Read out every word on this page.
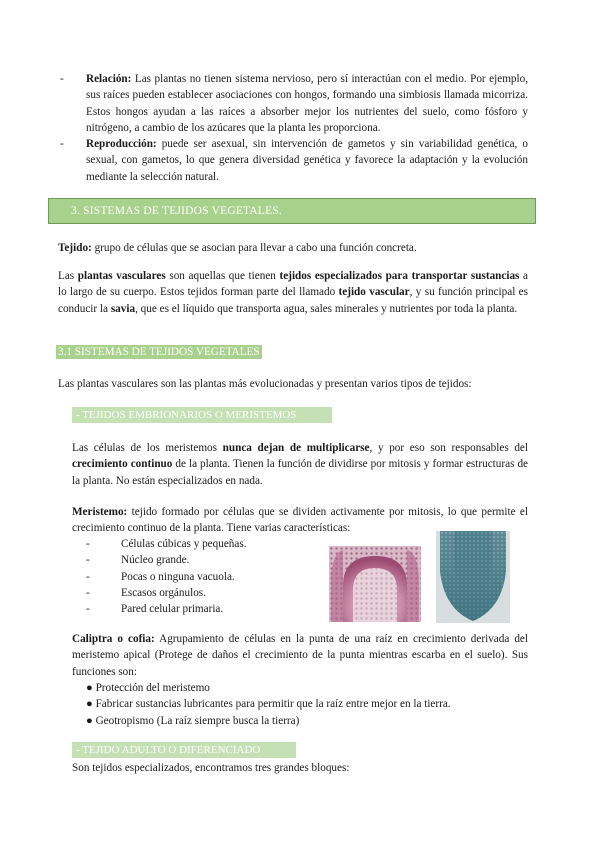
- Relación: Las plantas no tienen sistema nervioso, pero sí interactúan con el medio. Por ejemplo, sus raíces pueden establecer asociaciones con hongos, formando una simbiosis llamada micorriza. Estos hongos ayudan a las raíces a absorber mejor los nutrientes del suelo, como fósforo y nitrógeno, a cambio de los azúcares que la planta les proporciona.
- Reproducción: puede ser asexual, sin intervención de gametos y sin variabilidad genética, o sexual, con gametos, lo que genera diversidad genética y favorece la adaptación y la evolución mediante la selección natural.
3. SISTEMAS DE TEJIDOS VEGETALES.
Tejido: grupo de células que se asocian para llevar a cabo una función concreta.
Las plantas vasculares son aquellas que tienen tejidos especializados para transportar sustancias a lo largo de su cuerpo. Estos tejidos forman parte del llamado tejido vascular, y su función principal es conducir la savia, que es el líquido que transporta agua, sales minerales y nutrientes por toda la planta.
3.1 SISTEMAS DE TEJIDOS VEGETALES
Las plantas vasculares son las plantas más evolucionadas y presentan varios tipos de tejidos:
- TEJIDOS EMBRIONARIOS O MERISTEMOS
Las células de los meristemos nunca dejan de multiplicarse, y por eso son responsables del crecimiento continuo de la planta. Tienen la función de dividirse por mitosis y formar estructuras de la planta. No están especializados en nada.
Meristemo: tejido formado por células que se dividen activamente por mitosis, lo que permite el crecimiento continuo de la planta. Tiene varias características:
-	Células cúbicas y pequeñas.
-	Núcleo grande.
-	Pocas o ninguna vacuola.
-	Escasos orgánulos.
-	Pared celular primaria.
Caliptra o cofia: Agrupamiento de células en la punta de una raíz en crecimiento derivada del meristemo apical (Protege de daños el crecimiento de la punta mientras escarba en el suelo). Sus funciones son:
● Protección del meristemo
● Fabricar sustancias lubricantes para permitir que la raíz entre mejor en la tierra.
● Geotropismo (La raíz siempre busca la tierra)
- TEJIDO ADULTO O DIFERENCIADO
Son tejidos especializados, encontramos tres grandes bloques:
